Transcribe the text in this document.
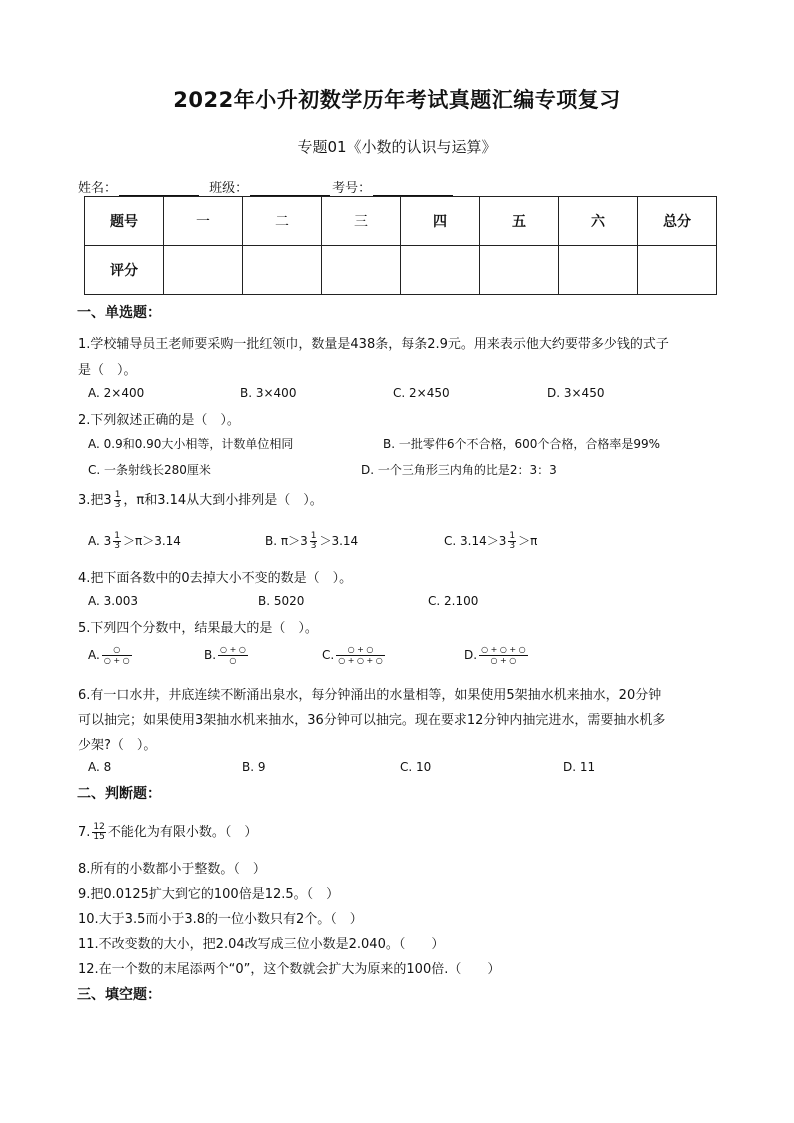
2022年小升初数学历年考试真题汇编专项复习
专题01《小数的认识与运算》
姓名：	班级：	考号：
题号	一	二	三	四	五	六	总分
评分							
一、单选题：
1.学校辅导员王老师要采购一批红领巾，数量是438条，每条2.9元。用来表示他大约要带多少钱的式子
是（　）。
A. 2×400	B. 3×400	C. 2×450	D. 3×450
2.下列叙述正确的是（　）。
A. 0.9和0.90大小相等，计数单位相同	B. 一批零件6个不合格，600个合格，合格率是99%
C. 一条射线长280厘米	D. 一个三角形三内角的比是2：3：3
3.把$3 \frac{1}{3}$ ，π和3.14从大到小排列是（　）。
A. $3 \frac{1}{3} >\pi>3.14$	B. $\pi>3 \frac{1}{3} >3.14$	C. $3.14>3 \frac{1}{3} >\pi$
4.把下面各数中的0去掉大小不变的数是（　）。
A. 3.003	B. 5020	C. 2.100
5.下列四个分数中，结果最大的是（　）。
A.	○
○ + ○	B. ○ + ○
○	C.	○ + ○
○ + ○ + ○	D. ○ + ○ + ○
○ + ○
6.有一口水井，井底连续不断涌出泉水，每分钟涌出的水量相等，如果使用5架抽水机来抽水，20分钟
可以抽完；如果使用3架抽水机来抽水，36分钟可以抽完。现在要求12分钟内抽完进水，需要抽水机多
少架?（　）。
A. 8	B. 9	C. 10	D. 11
二、判断题：
7. $\frac{12}{15}$ 不能化为有限小数。（　）
8.所有的小数都小于整数。（　）
9.把0.0125扩大到它的100倍是12.5。（　）
10.大于3.5而小于3.8的一位小数只有2个。（　）
11.不改变数的大小，把2.04改写成三位小数是2.040。（　　）
12.在一个数的末尾添两个“0”，这个数就会扩大为原来的100倍.（　　）
三、填空题：
